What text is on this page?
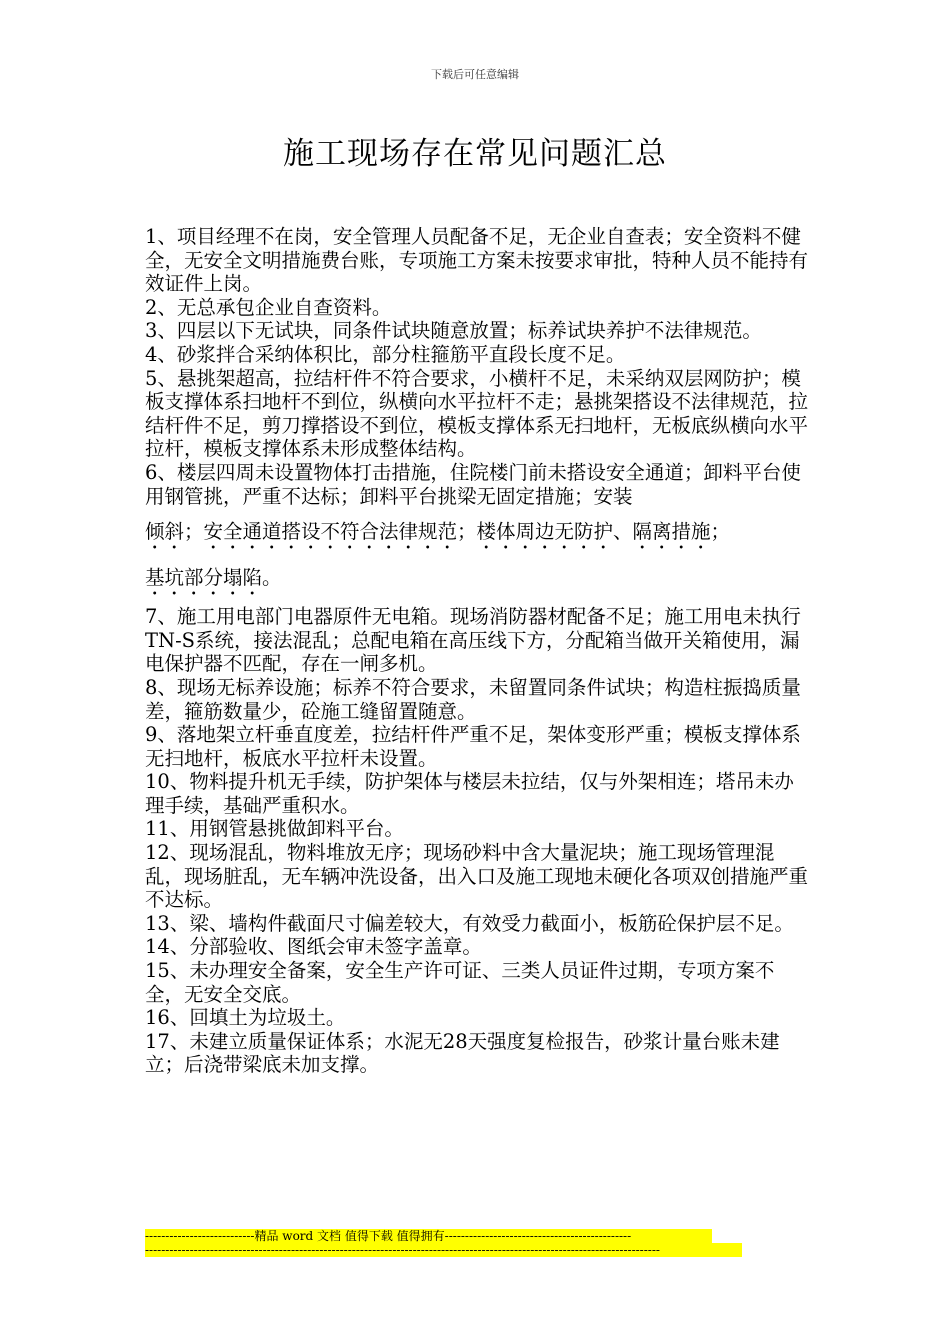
下载后可任意编辑
施工现场存在常见问题汇总

1、项目经理不在岗，安全管理人员配备不足，无企业自查表；安全资料不健全，无安全文明措施费台账，专项施工方案未按要求审批，特种人员不能持有效证件上岗。

2、无总承包企业自查资料。

3、四层以下无试块，同条件试块随意放置；标养试块养护不法律规范。

4、砂浆拌合采纳体积比，部分柱箍筋平直段长度不足。

5、悬挑架超高，拉结杆件不符合要求，小横杆不足，未采纳双层网防护；模板支撑体系扫地杆不到位，纵横向水平拉杆不走；悬挑架搭设不法律规范，拉结杆件不足，剪刀撑搭设不到位，模板支撑体系无扫地杆，无板底纵横向水平拉杆，模板支撑体系未形成整体结构。

6、楼层四周未设置物体打击措施，住院楼门前未搭设安全通道；卸料平台使用钢管挑，严重不达标；卸料平台挑梁无固定措施；安装
倾斜；安全通道搭设不符合法律规范；楼体周边无防护、隔离措施；
基坑部分塌陷。

7、施工用电部门电器原件无电箱。现场消防器材配备不足；施工用电未执行TN-S系统，接法混乱；总配电箱在高压线下方，分配箱当做开关箱使用，漏电保护器不匹配，存在一闸多机。

8、现场无标养设施；标养不符合要求，未留置同条件试块；构造柱振捣质量差，箍筋数量少，砼施工缝留置随意。

9、落地架立杆垂直度差，拉结杆件严重不足，架体变形严重；模板支撑体系无扫地杆，板底水平拉杆未设置。

10、物料提升机无手续，防护架体与楼层未拉结，仅与外架相连；塔吊未办理手续，基础严重积水。

11、用钢管悬挑做卸料平台。

12、现场混乱，物料堆放无序；现场砂料中含大量泥块；施工现场管理混乱，现场脏乱，无车辆冲洗设备，出入口及施工现地未硬化各项双创措施严重不达标。

13、梁、墙构件截面尺寸偏差较大，有效受力截面小，板筋砼保护层不足。

14、分部验收、图纸会审未签字盖章。

15、未办理安全备案，安全生产许可证、三类人员证件过期，专项方案不全，无安全交底。

16、回填土为垃圾土。

17、未建立质量保证体系；水泥无28天强度复检报告，砂浆计量台账未建立；后浇带梁底未加支撑。

---------------------------精品 word 文档 值得下载 值得拥有----------------------------------------------
-------------------------------------------------------------------------------------------------------------------------------
